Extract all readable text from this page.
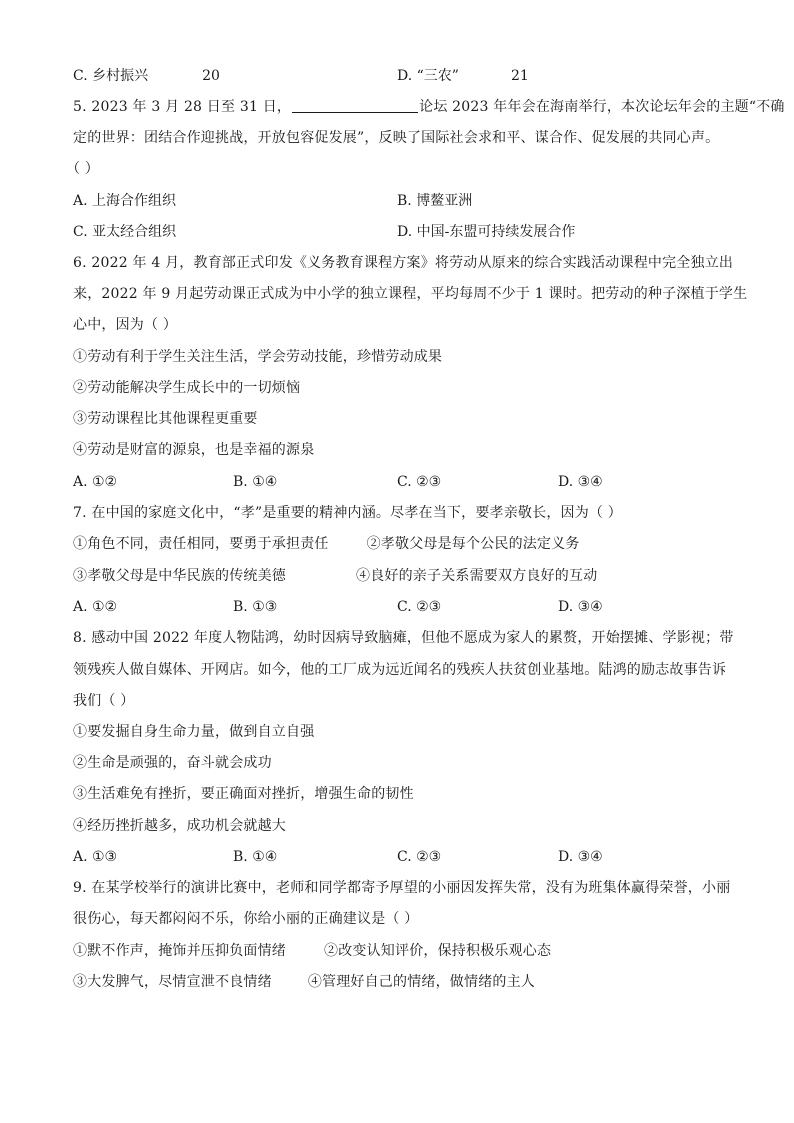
C. 乡村振兴	20	D. “三农”	21
5. 2023 年 3 月 28 日至 31 日，	论坛 2023 年年会在海南举行，本次论坛年会的主题“不确
定的世界：团结合作迎挑战，开放包容促发展”，反映了国际社会求和平、谋合作、促发展的共同心声。
（ ）
A. 上海合作组织	B. 博鳌亚洲
C. 亚太经合组织	D. 中国-东盟可持续发展合作
6. 2022 年 4 月，教育部正式印发《义务教育课程方案》将劳动从原来的综合实践活动课程中完全独立出
来，2022 年 9 月起劳动课正式成为中小学的独立课程，平均每周不少于 1 课时。把劳动的种子深植于学生
心中，因为（ ）
①劳动有利于学生关注生活，学会劳动技能，珍惜劳动成果
②劳动能解决学生成长中的一切烦恼
③劳动课程比其他课程更重要
④劳动是财富的源泉，也是幸福的源泉
A. ①②	B. ①④	C. ②③	D. ③④
7. 在中国的家庭文化中，“孝”是重要的精神内涵。尽孝在当下，要孝亲敬长，因为（ ）
①角色不同，责任相同，要勇于承担责任	②孝敬父母是每个公民的法定义务
③孝敬父母是中华民族的传统美德	④良好的亲子关系需要双方良好的互动
A. ①②	B. ①③	C. ②③	D. ③④
8. 感动中国 2022 年度人物陆鸿，幼时因病导致脑瘫，但他不愿成为家人的累赘，开始摆摊、学影视；带
领残疾人做自媒体、开网店。如今，他的工厂成为远近闻名的残疾人扶贫创业基地。陆鸿的励志故事告诉
我们（ ）
①要发掘自身生命力量，做到自立自强
②生命是顽强的，奋斗就会成功
③生活难免有挫折，要正确面对挫折，增强生命的韧性
④经历挫折越多，成功机会就越大
A. ①③	B. ①④	C. ②③	D. ③④
9. 在某学校举行的演讲比赛中，老师和同学都寄予厚望的小丽因发挥失常，没有为班集体赢得荣誉，小丽
很伤心，每天都闷闷不乐，你给小丽的正确建议是（ ）
①默不作声，掩饰并压抑负面情绪	②改变认知评价，保持积极乐观心态
③大发脾气，尽情宣泄不良情绪	④管理好自己的情绪，做情绪的主人
